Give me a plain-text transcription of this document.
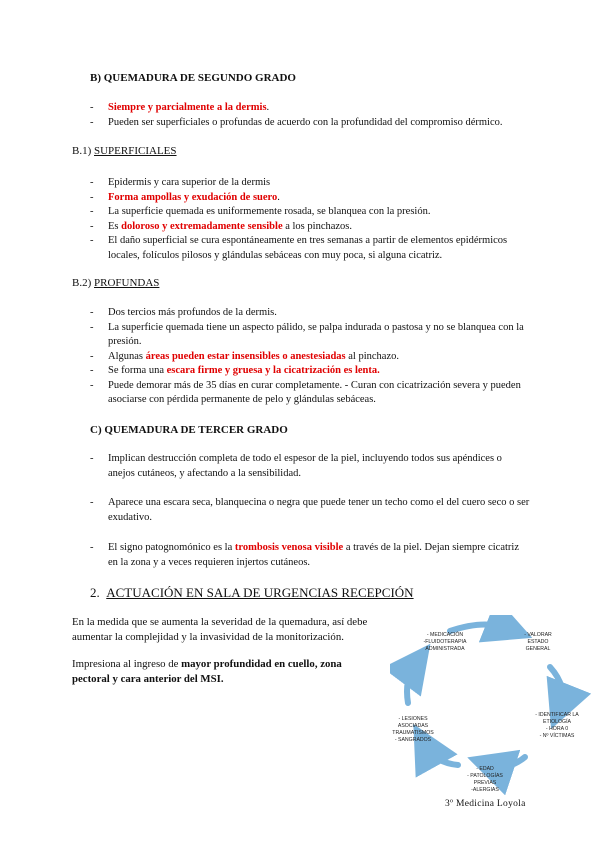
B) QUEMADURA DE SEGUNDO GRADO
- Siempre y parcialmente a la dermis.
- Pueden ser superficiales o profundas de acuerdo con la profundidad del compromiso dérmico.
B.1) SUPERFICIALES
- Epidermis y cara superior de la dermis
- Forma ampollas y exudación de suero.
- La superficie quemada es uniformemente rosada, se blanquea con la presión.
- Es doloroso y extremadamente sensible a los pinchazos.
- El daño superficial se cura espontáneamente en tres semanas a partir de elementos epidérmicos locales, folículos pilosos y glándulas sebáceas con muy poca, si alguna cicatriz.
B.2) PROFUNDAS
- Dos tercios más profundos de la dermis.
- La superficie quemada tiene un aspecto pálido, se palpa indurada o pastosa y no se blanquea con la presión.
- Algunas áreas pueden estar insensibles o anestesiadas al pinchazo.
- Se forma una escara firme y gruesa y la cicatrización es lenta.
- Puede demorar más de 35 días en curar completamente. - Curan con cicatrización severa y pueden asociarse con pérdida permanente de pelo y glándulas sebáceas.
C) QUEMADURA DE TERCER GRADO
- Implican destrucción completa de todo el espesor de la piel, incluyendo todos sus apéndices o anejos cutáneos, y afectando a la sensibilidad.
- Aparece una escara seca, blanquecina o negra que puede tener un techo como el del cuero seco o ser exudativo.
- El signo patognomónico es la trombosis venosa visible a través de la piel. Dejan siempre cicatriz en la zona y a veces requieren injertos cutáneos.
2. ACTUACIÓN EN SALA DE URGENCIAS RECEPCIÓN
En la medida que se aumenta la severidad de la quemadura, así debe aumentar la complejidad y la invasividad de la monitorización.
Impresiona al ingreso de mayor profundidad en cuello, zona pectoral y cara anterior del MSI.
- MEDICACIÓN
-FLUIDOTERAPIA
ADMINISTRADA
- VALORAR
ESTADO
GENERAL
- IDENTIFICAR LA
ETIOLOGÍA
- HORA 0
- Nº VÍCTIMAS
- EDAD
- PATOLOGÍAS
PREVIAS
-ALERGIAS
- LESIONES
ASOCIADAS
TRAUMATISMOS
- SANGRADOS
3º Medicina Loyola
